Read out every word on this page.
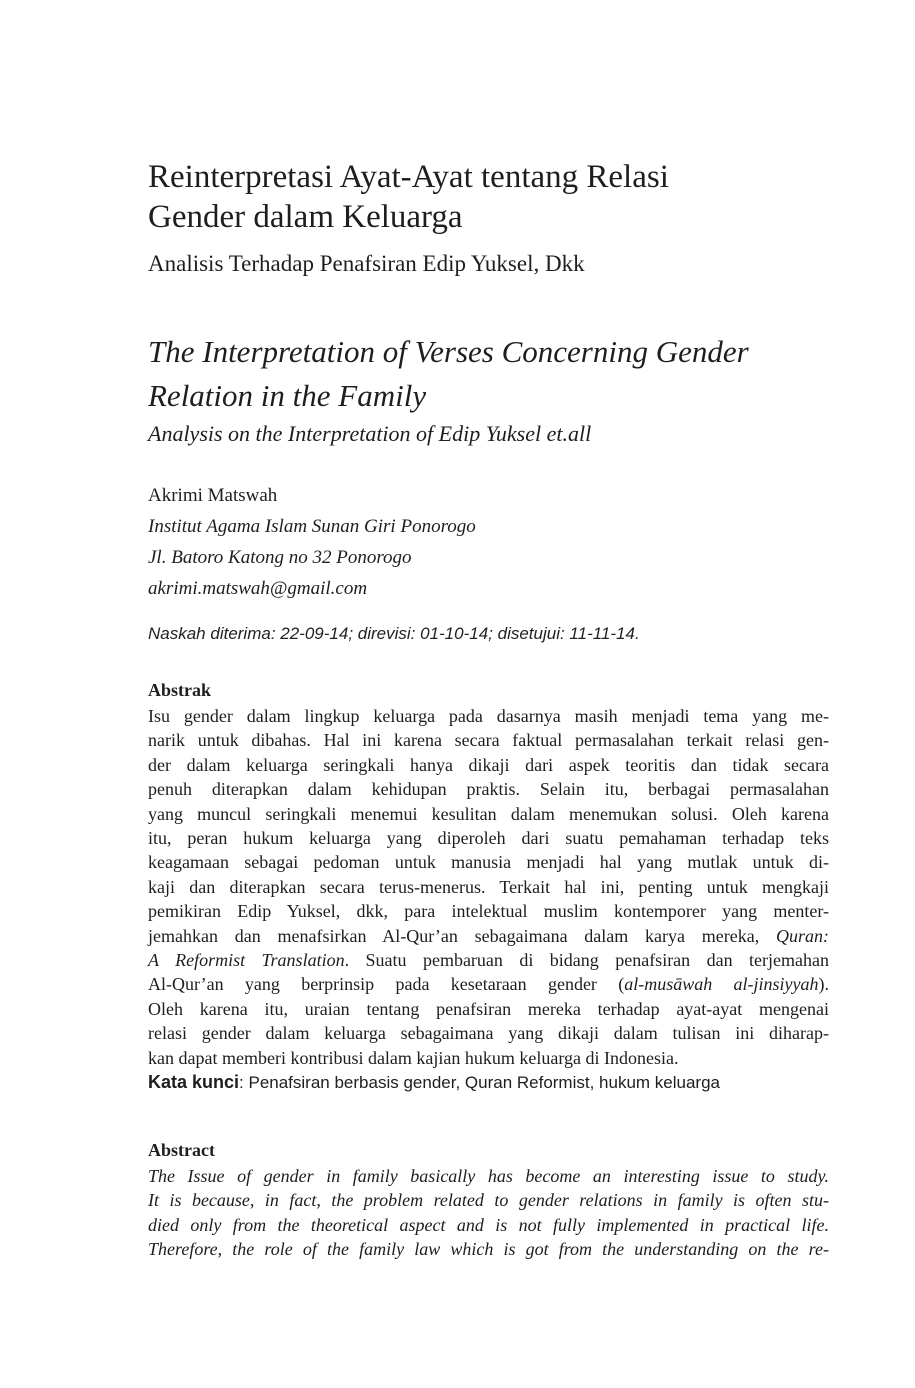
Reinterpretasi Ayat-Ayat tentang Relasi
Gender dalam Keluarga
Analisis Terhadap Penafsiran Edip Yuksel, Dkk
The Interpretation of Verses Concerning Gender
Relation in the Family
Analysis on the Interpretation of Edip Yuksel et.all
Akrimi Matswah
Institut Agama Islam Sunan Giri Ponorogo
Jl. Batoro Katong no 32 Ponorogo
akrimi.matswah@gmail.com
Naskah diterima: 22-09-14; direvisi: 01-10-14; disetujui: 11-11-14.
Abstrak
Isu gender dalam lingkup keluarga pada dasarnya masih menjadi tema yang me-
narik untuk dibahas. Hal ini karena secara faktual permasalahan terkait relasi gen-
der dalam keluarga seringkali hanya dikaji dari aspek teoritis dan tidak secara
penuh diterapkan dalam kehidupan praktis. Selain itu, berbagai permasalahan
yang muncul seringkali menemui kesulitan dalam menemukan solusi. Oleh karena
itu, peran hukum keluarga yang diperoleh dari suatu pemahaman terhadap teks
keagamaan sebagai pedoman untuk manusia menjadi hal yang mutlak untuk di-
kaji dan diterapkan secara terus-menerus. Terkait hal ini, penting untuk mengkaji
pemikiran Edip Yuksel, dkk, para intelektual muslim kontemporer yang menter-
jemahkan dan menafsirkan Al-Qur’an sebagaimana dalam karya mereka, Quran:
A Reformist Translation. Suatu pembaruan di bidang penafsiran dan terjemahan
Al-Qur’an yang berprinsip pada kesetaraan gender (al-musāwah al-jinsiyyah).
Oleh karena itu, uraian tentang penafsiran mereka terhadap ayat-ayat mengenai
relasi gender dalam keluarga sebagaimana yang dikaji dalam tulisan ini diharap-
kan dapat memberi kontribusi dalam kajian hukum keluarga di Indonesia.
Kata kunci: Penafsiran berbasis gender, Quran Reformist, hukum keluarga
Abstract
The Issue of gender in family basically has become an interesting issue to study.
It is because, in fact, the problem related to gender relations in family is often stu-
died only from the theoretical aspect and is not fully implemented in practical life.
Therefore, the role of the family law which is got from the understanding on the re-
